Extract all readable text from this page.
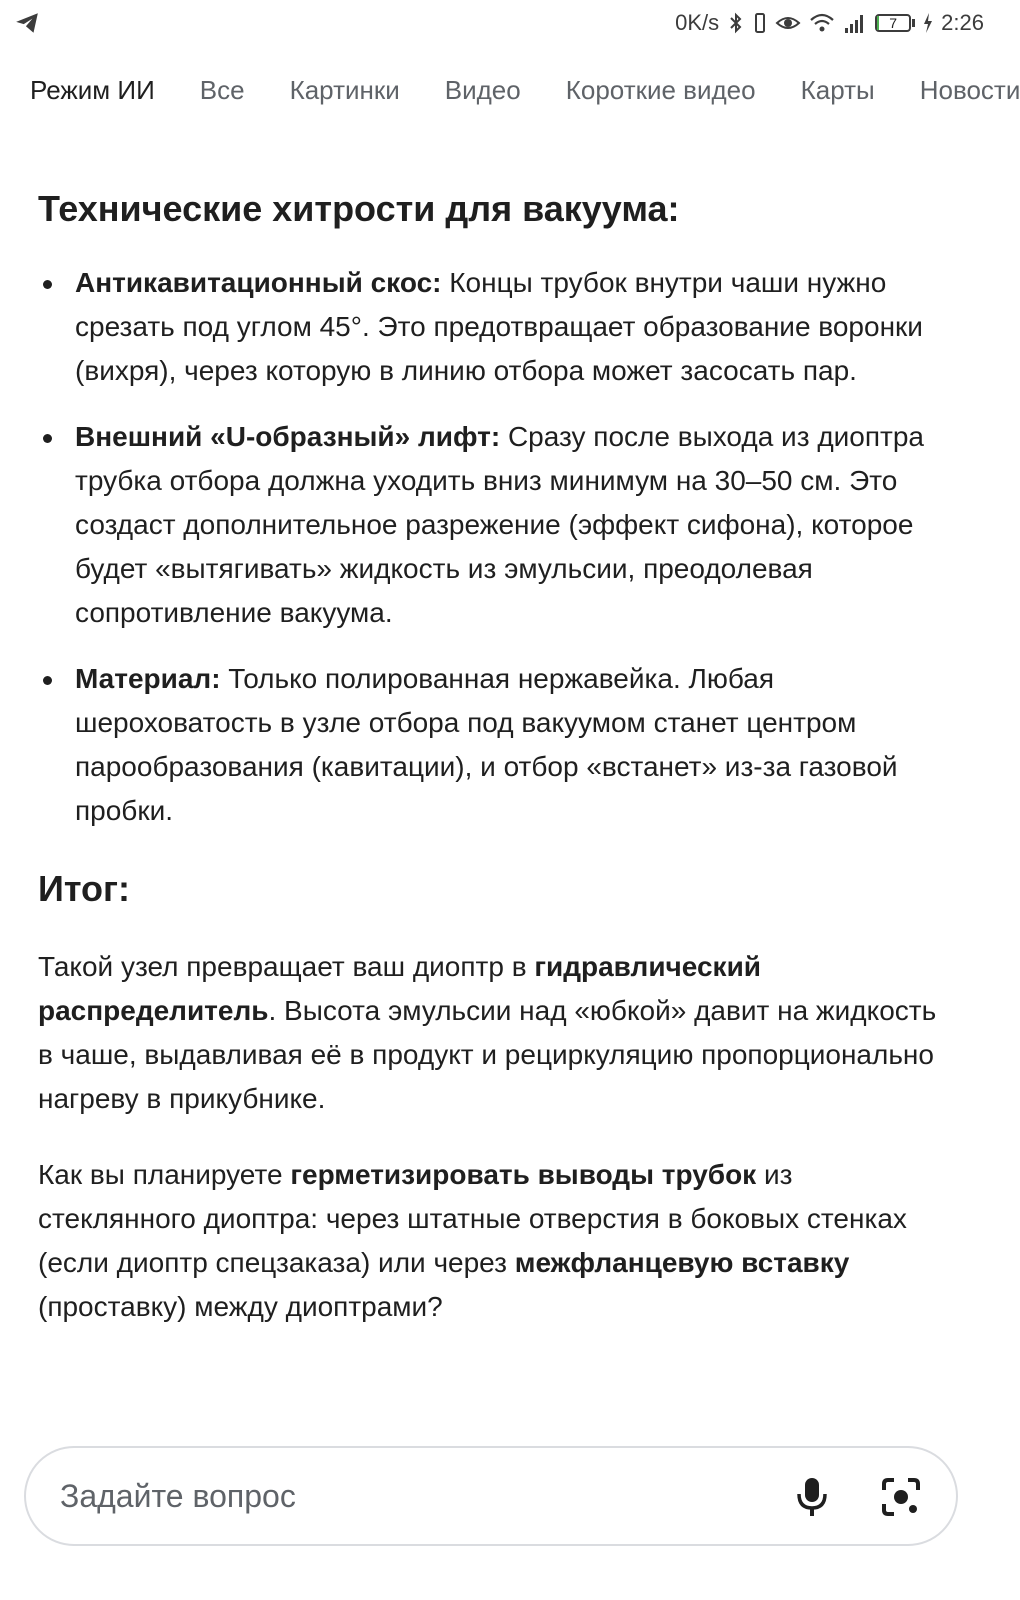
0K/s	7	2:26
Режим ИИ Все Картинки Видео Короткие видео Карты Новости
Технические хитрости для вакуума:
Антикавитационный скос: Концы трубок внутри чаши нужно срезать под углом 45°. Это предотвращает образование воронки (вихря), через которую в линию отбора может засосать пар.
Внешний «U-образный» лифт: Сразу после выхода из диоптра трубка отбора должна уходить вниз минимум на 30–50 см. Это создаст дополнительное разрежение (эффект сифона), которое будет «вытягивать» жидкость из эмульсии, преодолевая сопротивление вакуума.
Материал: Только полированная нержавейка. Любая шероховатость в узле отбора под вакуумом станет центром парообразования (кавитации), и отбор «встанет» из-за газовой пробки.
Итог:

Такой узел превращает ваш диоптр в гидравлический распределитель. Высота эмульсии над «юбкой» давит на жидкость в чаше, выдавливая её в продукт и рециркуляцию пропорционально нагреву в прикубнике.

Как вы планируете герметизировать выводы трубок из стеклянного диоптра: через штатные отверстия в боковых стенках (если диоптр спецзаказа) или через межфланцевую вставку (проставку) между диоптрами?

Задайте вопрос
